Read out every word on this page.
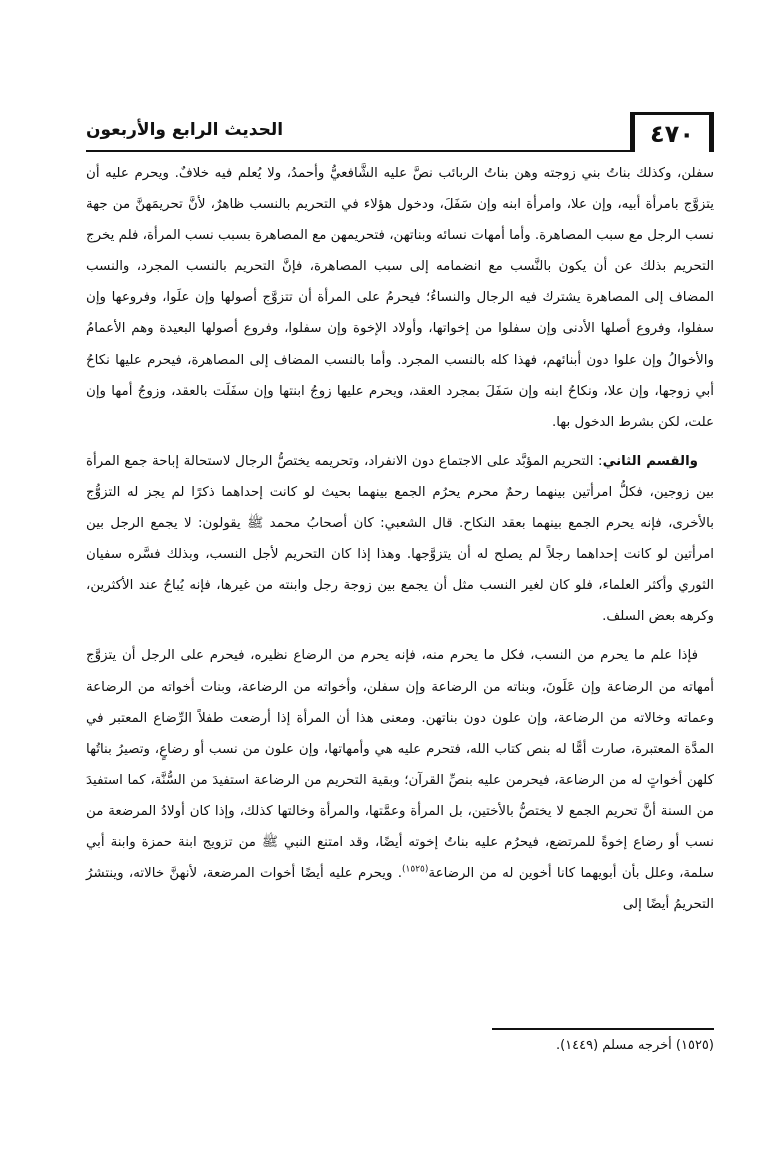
٤٧٠
الحديث الرابع والأربعون

سفلن، وكذلك بناتُ بني زوجته وهن بناتُ الربائب نصَّ عليه الشَّافعيُّ وأحمدُ، ولا يُعلم فيه خلافٌ. ويحرم عليه أن يتزوَّج بامرأة أبيه، وإن علا، وامرأة ابنه وإن سَفَلَ، ودخول هؤلاء في التحريم بالنسب ظاهرٌ، لأنَّ تحريمَهنَّ من جهة نسب الرجل مع سبب المصاهرة. وأما أمهات نسائه وبناتهن، فتحريمهن مع المصاهرة بسبب نسب المرأة، فلم يخرج التحريم بذلك عن أن يكون بالنَّسب مع انضمامه إلى سبب المصاهرة، فإنَّ التحريم بالنسب المجرد، والنسب المضاف إلى المصاهرة يشترك فيه الرجال والنساءُ؛ فيحرمُ على المرأة أن تتزوَّج أصولها وإن علَوا، وفروعها وإن سفلوا، وفروع أصلها الأدنى وإن سفلوا من إخواتها، وأولاد الإخوة وإن سفلوا، وفروع أصولها البعيدة وهم الأعمامُ والأخوالُ وإن علوا دون أبنائهم، فهذا كله بالنسب المجرد. وأما بالنسب المضاف إلى المصاهرة، فيحرم عليها نكاحُ أبي زوجها، وإن علا، ونكاحُ ابنه وإن سَفَلَ بمجرد العقد، ويحرم عليها زوجُ ابنتها وإن سفَلَت بالعقد، وزوجُ أمها وإن علت، لكن بشرط الدخول بها.

والقسم الثاني: التحريم المؤبَّد على الاجتماع دون الانفراد، وتحريمه يختصُّ الرجال لاستحالة إباحة جمع المرأة بين زوجين، فكلُّ امرأتين بينهما رحمٌ محرم يحرُم الجمع بينهما بحيث لو كانت إحداهما ذكرًا لم يجز له التزوُّج بالأخرى، فإنه يحرم الجمع بينهما بعقد النكاح. قال الشعبي: كان أصحابُ محمد ﷺ يقولون: لا يجمع الرجل بين امرأتين لو كانت إحداهما رجلاً لم يصلح له أن يتزوَّجها. وهذا إذا كان التحريم لأجل النسب، وبذلك فسَّره سفيان الثوري وأكثر العلماء، فلو كان لغير النسب مثل أن يجمع بين زوجة رجل وابنته من غيرها، فإنه يُباحُ عند الأكثرين، وكرهه بعض السلف.

فإذا علم ما يحرم من النسب، فكل ما يحرم منه، فإنه يحرم من الرضاع نظيره، فيحرم على الرجل أن يتزوَّج أمهاته من الرضاعة وإن عَلَونَ، وبناته من الرضاعة وإن سفلن، وأخواته من الرضاعة، وبنات أخواته من الرضاعة وعماته وخالاته من الرضاعة، وإن علون دون بناتهن. ومعنى هذا أن المرأة إذا أرضعت طفلاً الرِّضاع المعتبر في المدَّة المعتبرة، صارت أمًّا له بنص كتاب الله، فتحرم عليه هي وأمهاتها، وإن علون من نسب أو رضاعٍ، وتصيرُ بناتُها كلهن أخواتٍ له من الرضاعة، فيحرمن عليه بنصِّ القرآن؛ وبقية التحريم من الرضاعة استفيدَ من السُّنَّة، كما استفيدَ من السنة أنَّ تحريم الجمع لا يختصُّ بالأختين، بل المرأة وعمَّتها، والمرأة وخالتها كذلك، وإذا كان أولادُ المرضعة من نسب أو رضاع إخوةً للمرتضع، فيحرُم عليه بناتُ إخوته أيضًا، وقد امتنع النبي ﷺ من تزويج ابنة حمزة وابنة أبي سلمة، وعلل بأن أبويهما كانا أخوين له من الرضاعة$^{(١٥٢٥)}$. ويحرم عليه أيضًا أخوات المرضعة، لأنهنَّ خالاته، وينتشرُ التحريمُ أيضًا إلى

(١٥٢٥) أخرجه مسلم (١٤٤٩).
